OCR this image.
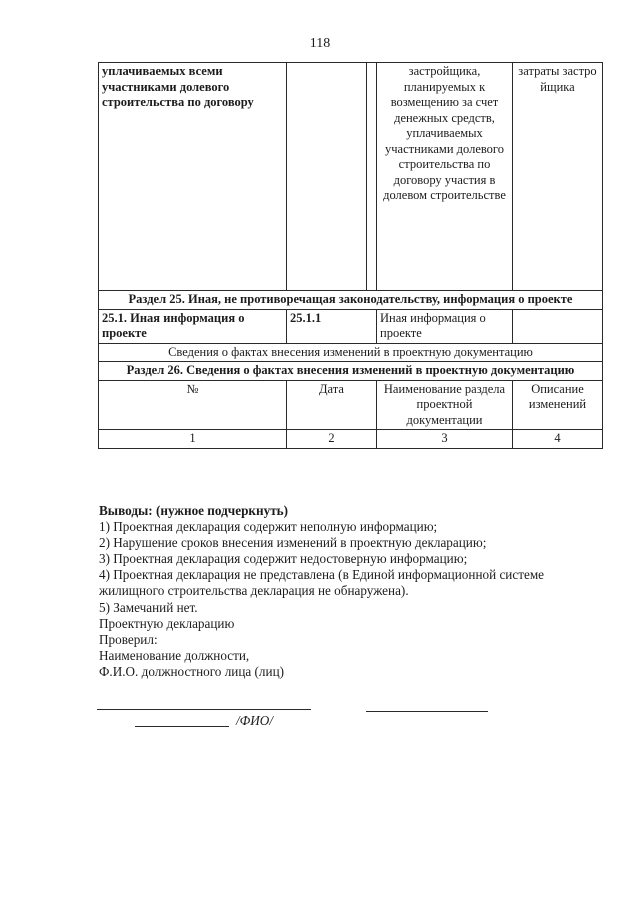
118
уплачиваемых всеми участниками долевого строительства по договору			застройщика, планируемых к возмещению за счет денежных средств, уплачиваемых участниками долевого строительства по договору участия в долевом строительстве	затраты застройщика
Раздел 25. Иная, не противоречащая законодательству, информация о проекте				
25.1. Иная информация о проекте	25.1.1		Иная информация о проекте	
Сведения о фактах внесения изменений в проектную документацию				
Раздел 26. Сведения о фактах внесения изменений в проектную документацию				
№	Дата		Наименование раздела проектной документации	Описание изменений
1	2		3	4
Выводы: (нужное подчеркнуть)
1) Проектная декларация содержит неполную информацию;
2) Нарушение сроков внесения изменений в проектную декларацию;
3) Проектная декларация содержит недостоверную информацию;
4) Проектная декларация не представлена (в Единой информационной системе жилищного строительства декларация не обнаружена).
5) Замечаний нет.
Проектную декларацию
Проверил:
Наименование должности,
Ф.И.О. должностного лица (лиц)
/ФИО/
